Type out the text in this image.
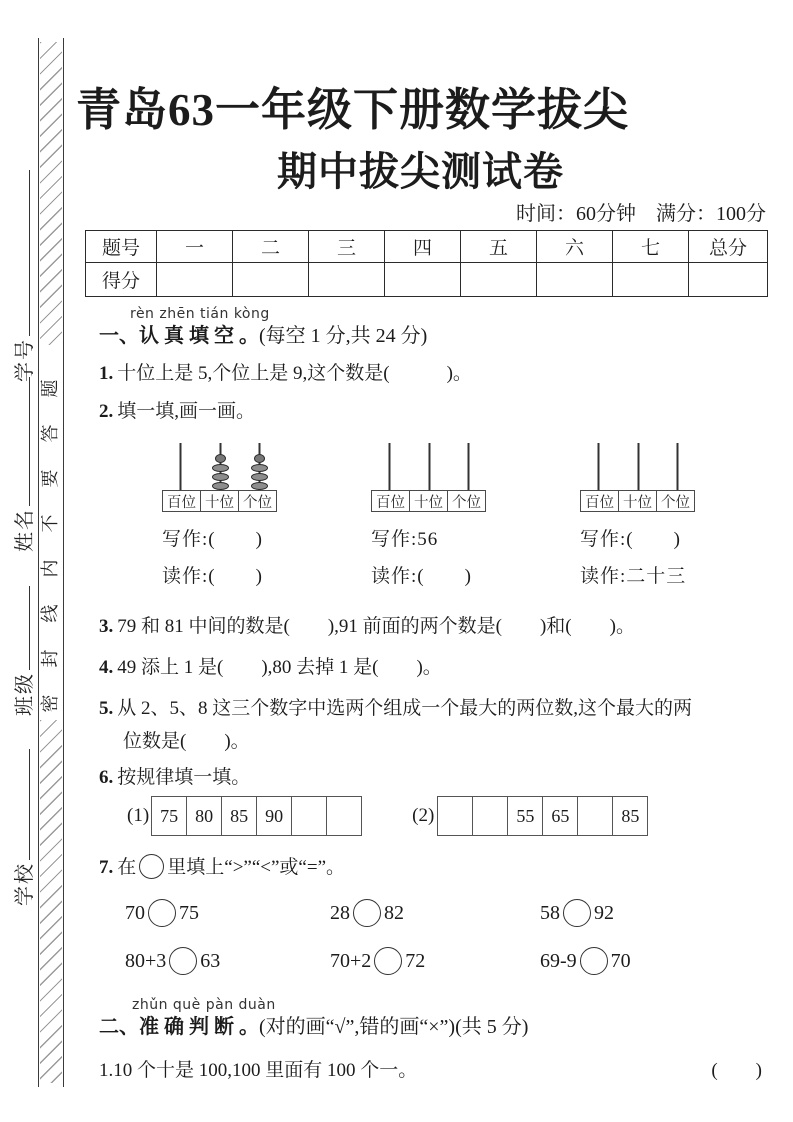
学号
姓名
班级
学校
密封线内不要答题
青岛63一年级下册数学拔尖
期中拔尖测试卷
时间：60分钟　满分：100分
题号	一	二	三	四	五	六	七	总分
得分								
rèn zhēn tián kòng
一、认 真 填 空 。(每空 1 分,共 24 分)
1. 十位上是 5,个位上是 9,这个数是(　　　)。
2. 填一填,画一画。
百位 十位 个位
写作:(　　)
读作:(　　)
百位 十位 个位
写作:56
读作:(　　)
百位 十位 个位
写作:(　　)
读作:二十三
3. 79 和 81 中间的数是(　　),91 前面的两个数是(　　)和(　　)。
4. 49 添上 1 是(　　),80 去掉 1 是(　　)。
5. 从 2、5、8 这三个数字中选两个组成一个最大的两位数,这个最大的两
位数是(　　)。
6. 按规律填一填。
(1) 75 80 85 90	(2)	55 65	85
7. 在 里填上“>”“<”或“=”。
70 75	28 82	58 92
80+3 63	70+2 72	69-9 70
zhǔn què pàn duàn
二、准 确 判 断 。(对的画“√”,错的画“×”)(共 5 分)
1.10 个十是 100,100 里面有 100 个一。	(　　)
